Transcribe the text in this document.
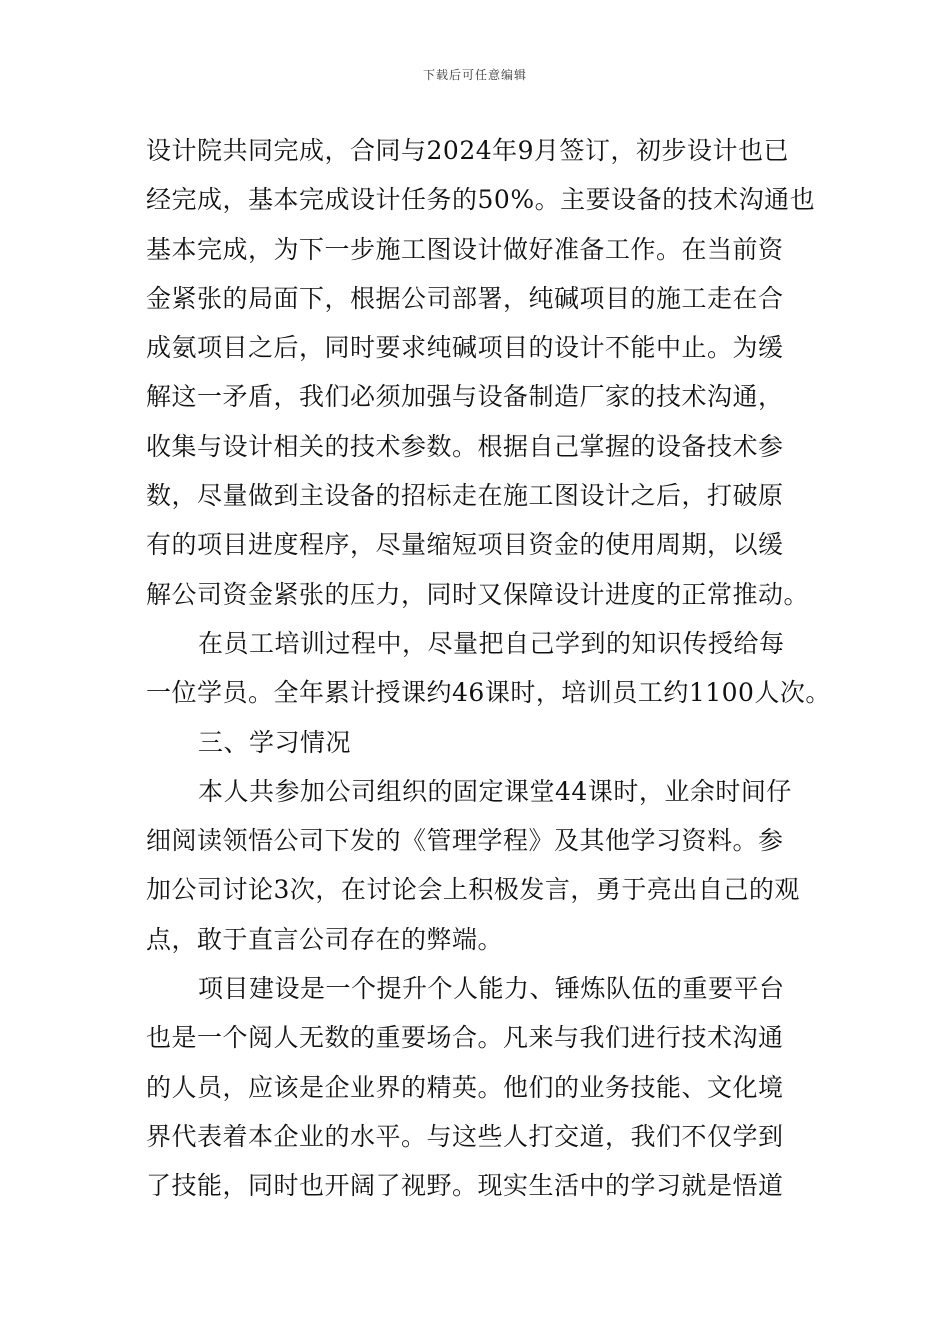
下载后可任意编辑
设计院共同完成，合同与2024年9月签订，初步设计也已
经完成，基本完成设计任务的50%。主要设备的技术沟通也
基本完成，为下一步施工图设计做好准备工作。在当前资
金紧张的局面下，根据公司部署，纯碱项目的施工走在合
成氨项目之后，同时要求纯碱项目的设计不能中止。为缓
解这一矛盾，我们必须加强与设备制造厂家的技术沟通，
收集与设计相关的技术参数。根据自己掌握的设备技术参
数，尽量做到主设备的招标走在施工图设计之后，打破原
有的项目进度程序，尽量缩短项目资金的使用周期，以缓
解公司资金紧张的压力，同时又保障设计进度的正常推动。
在员工培训过程中，尽量把自己学到的知识传授给每
一位学员。全年累计授课约46课时，培训员工约1100人次。
三、学习情况
本人共参加公司组织的固定课堂44课时，业余时间仔
细阅读领悟公司下发的《管理学程》及其他学习资料。参
加公司讨论3次，在讨论会上积极发言，勇于亮出自己的观
点，敢于直言公司存在的弊端。
项目建设是一个提升个人能力、锤炼队伍的重要平台
也是一个阅人无数的重要场合。凡来与我们进行技术沟通
的人员，应该是企业界的精英。他们的业务技能、文化境
界代表着本企业的水平。与这些人打交道，我们不仅学到
了技能，同时也开阔了视野。现实生活中的学习就是悟道
